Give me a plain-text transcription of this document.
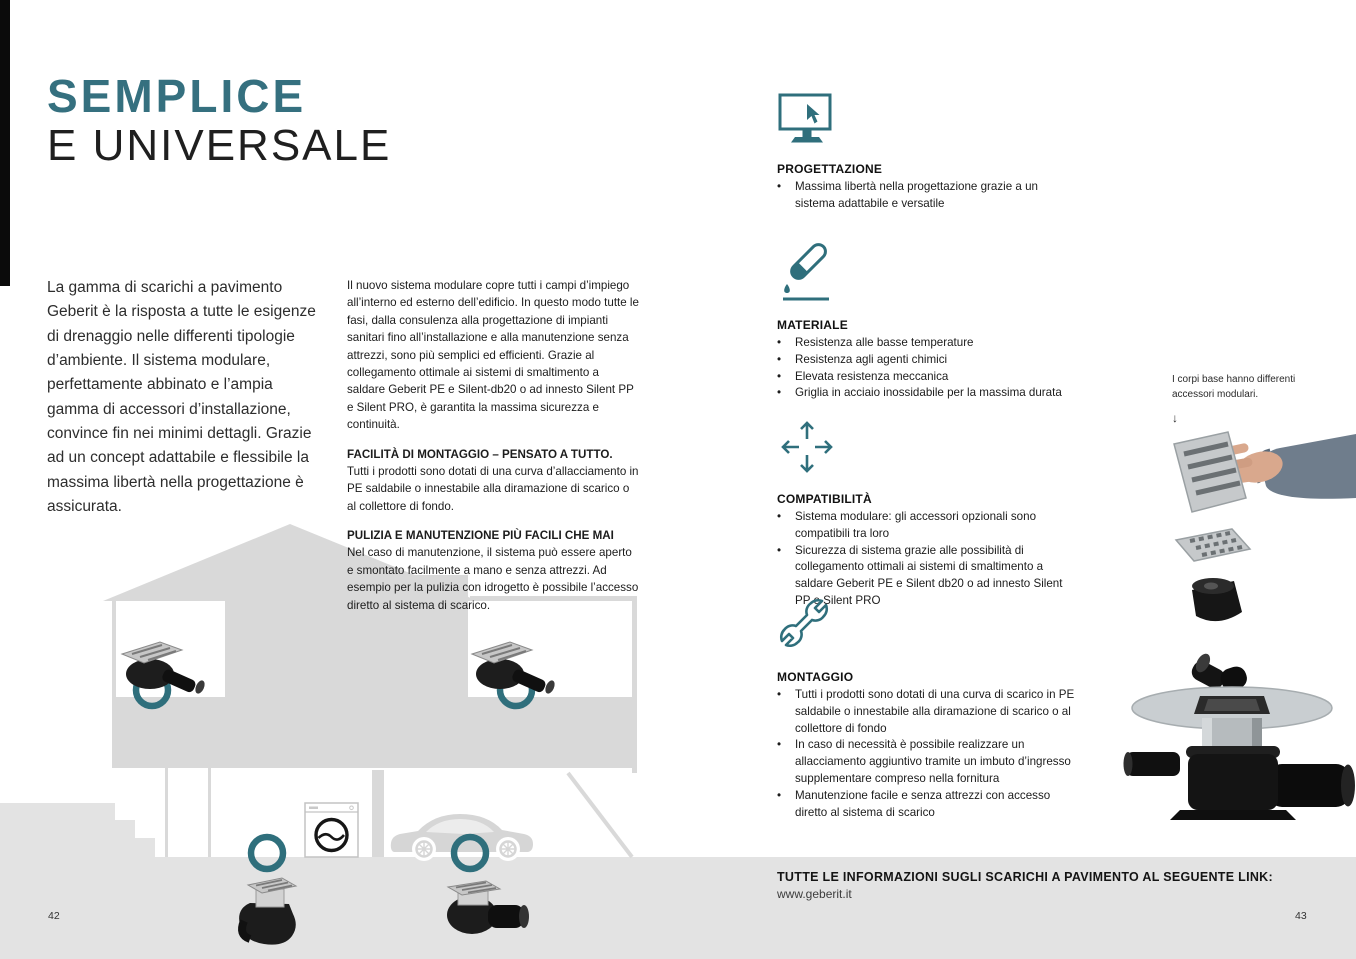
SEMPLICE
E UNIVERSALE

La gamma di scarichi a pavimento Geberit è la risposta a tutte le esigenze di drenaggio nelle differenti tipologie d’ambiente. Il sistema modulare, perfettamente abbinato e l’ampia gamma di accessori d’installazione, convince fin nei minimi dettagli. Grazie ad un concept adattabile e flessibile la massima libertà nella progettazione è assicurata.

Il nuovo sistema modulare copre tutti i campi d’impiego all’interno ed esterno dell’edificio. In questo modo tutte le fasi, dalla consulenza alla progettazione di impianti sanitari fino all’installazione e alla manutenzione senza attrezzi, sono più semplici ed efficienti. Grazie al collegamento ottimale ai sistemi di smaltimento a saldare Geberit PE e Silent-db20 o ad innesto Silent PP e Silent PRO, è garantita la massima sicurezza e continuità.

FACILITÀ DI MONTAGGIO – PENSATO A TUTTO.

Tutti i prodotti sono dotati di una curva d’allacciamento in PE saldabile o innestabile alla diramazione di scarico o al collettore di fondo.

PULIZIA E MANUTENZIONE PIÙ FACILI CHE MAI

Nel caso di manutenzione, il sistema può essere aperto e smontato facilmente a mano e senza attrezzi. Ad esempio per la pulizia con idrogetto è possibile l’accesso diretto al sistema di scarico.

PROGETTAZIONE
• Massima libertà nella progettazione grazie a un sistema adattabile e versatile
MATERIALE
• Resistenza alle basse temperature
• Resistenza agli agenti chimici
• Elevata resistenza meccanica
• Griglia in acciaio inossidabile per la massima durata
COMPATIBILITÀ
• Sistema modulare: gli accessori opzionali sono compatibili tra loro
• Sicurezza di sistema grazie alle possibilità di collegamento ottimali ai sistemi di smaltimento a saldare Geberit PE e Silent db20 o ad innesto Silent PP e Silent PRO
MONTAGGIO
• Tutti i prodotti sono dotati di una curva di scarico in PE saldabile o innestabile alla diramazione di scarico o al collettore di fondo
• In caso di necessità è possibile realizzare un allacciamento aggiuntivo tramite un imbuto d’ingresso supplementare compreso nella fornitura
• Manutenzione facile e senza attrezzi con accesso diretto al sistema di scarico
I corpi base hanno differenti accessori modulari.
↓
TUTTE LE INFORMAZIONI SUGLI SCARICHI A PAVIMENTO AL SEGUENTE LINK:
www.geberit.it
42	43
